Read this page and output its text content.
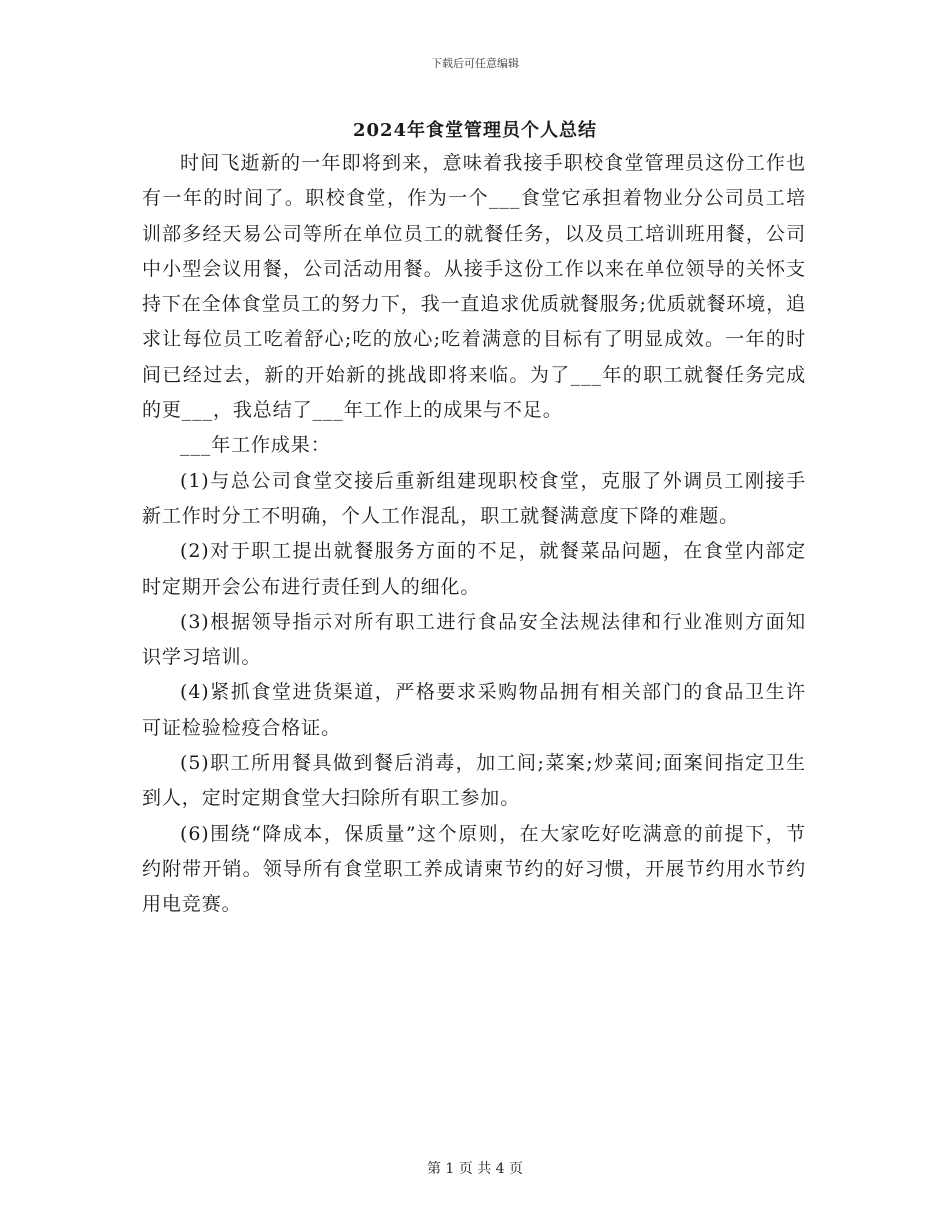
下载后可任意编辑
2024年食堂管理员个人总结

时间飞逝新的一年即将到来，意味着我接手职校食堂管理员这份工作也有一年的时间了。职校食堂，作为一个___食堂它承担着物业分公司员工培训部多经天易公司等所在单位员工的就餐任务，以及员工培训班用餐，公司中小型会议用餐，公司活动用餐。从接手这份工作以来在单位领导的关怀支持下在全体食堂员工的努力下，我一直追求优质就餐服务;优质就餐环境，追求让每位员工吃着舒心;吃的放心;吃着满意的目标有了明显成效。一年的时间已经过去，新的开始新的挑战即将来临。为了___年的职工就餐任务完成的更___，我总结了___年工作上的成果与不足。

___年工作成果：

(1)与总公司食堂交接后重新组建现职校食堂，克服了外调员工刚接手新工作时分工不明确，个人工作混乱，职工就餐满意度下降的难题。

(2)对于职工提出就餐服务方面的不足，就餐菜品问题，在食堂内部定时定期开会公布进行责任到人的细化。

(3)根据领导指示对所有职工进行食品安全法规法律和行业准则方面知识学习培训。

(4)紧抓食堂进货渠道，严格要求采购物品拥有相关部门的食品卫生许可证检验检疫合格证。

(5)职工所用餐具做到餐后消毒，加工间;菜案;炒菜间;面案间指定卫生到人，定时定期食堂大扫除所有职工参加。

(6)围绕“降成本，保质量”这个原则，在大家吃好吃满意的前提下，节约附带开销。领导所有食堂职工养成请柬节约的好习惯，开展节约用水节约用电竞赛。

第 1 页 共 4 页
